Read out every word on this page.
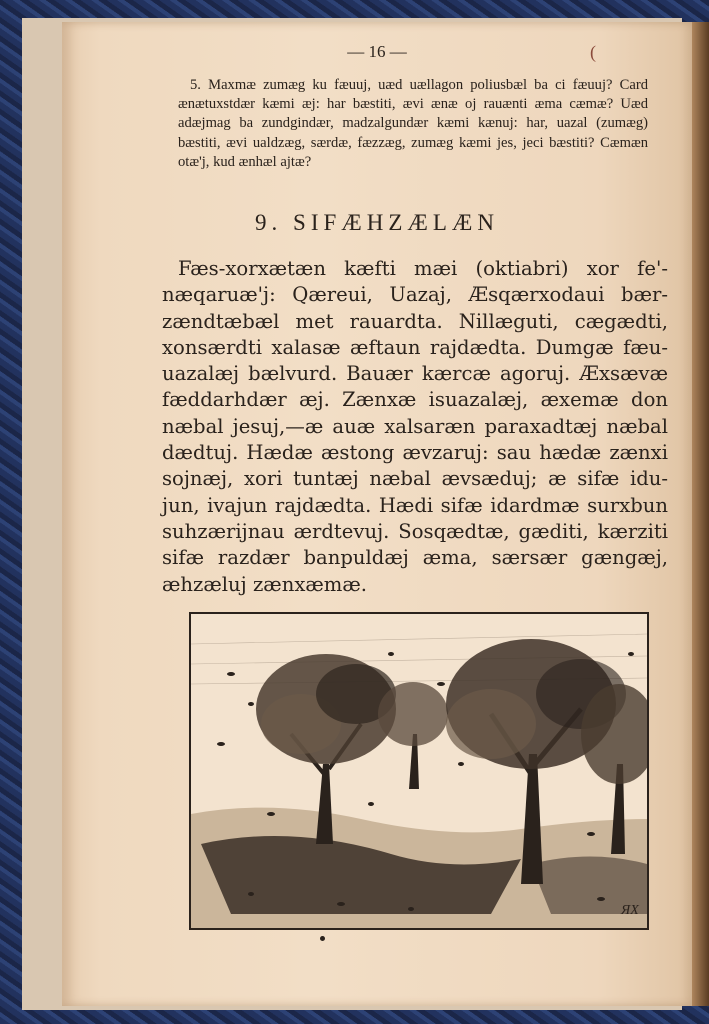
(
— 16 —

5. Maxmæ zumæg ku fæuuj, uæd uællagon poliusbæl ba ci fæuuj? Card ænætuxstdær kæmi æj: har bæstiti, ævi ænæ oj rauænti æma cæmæ? Uæd adæjmag ba zundgindær, madzalgundær kæmi kænuj: har, uazal (zumæg) bæstiti, ævi ualdzæg, særdæ, fæzzæg, zumæg kæmi jes, jeci bæstiti? Cæmæn otæ'j, kud ænhæl ajtæ?

9. SIFÆHZÆLÆN

Fæs-xorxætæn kæfti mæi (oktiabri) xor fe'-næqaruæ'j: Qæreui, Uazaj, Æsqærxodaui bær-zændtæbæl met rauardta. Nillæguti, cægædti, xonsærdti xalasæ æftaun rajdædta. Dumgæ fæu-uazalæj bælvurd. Bauær kærcæ agoruj. Æxsævæ fæddarhdær æj. Zænxæ isuazalæj, æxemæ don næbal jesuj,—æ auæ xalsaræn paraxadtæj næbal dædtuj. Hædæ æstong ævzaruj: sau hædæ zænxi sojnæj, xori tuntæj næbal ævsæduj; æ sifæ idu-jun, ivajun rajdædta. Hædi sifæ idardmæ surxbun suhzærijnau ærdtevuj. Sosqædtæ, gæditi, kærziti sifæ razdær banpuldæj æma, særsær gængæj, æhzæluj zænxæmæ.

ЯХ
